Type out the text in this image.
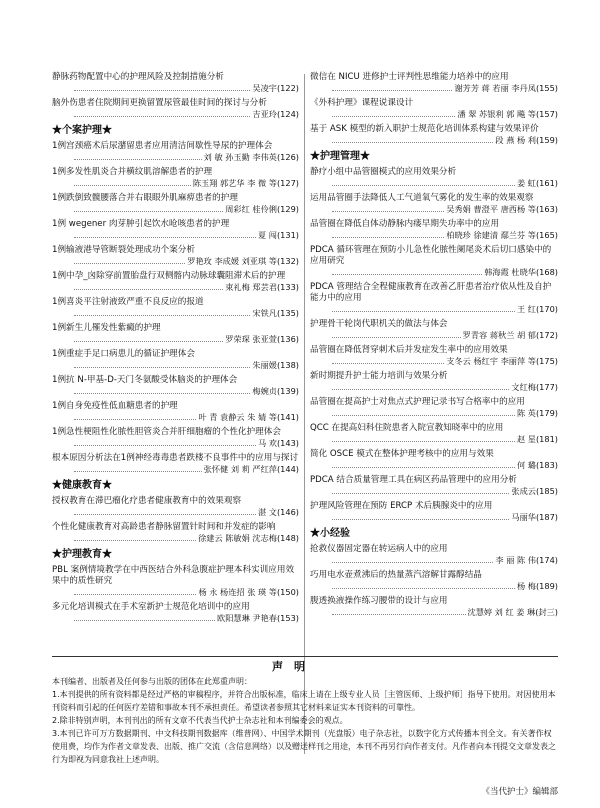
静脉药物配置中心的护理风险及控制措施分析
吴凌宇 (122)
脑外伤患者住院期间更换留置尿管最佳时间的探讨与分析
吉亚玲 (124)
★个案护理★
1例宫颈癌术后尿潴留患者应用清洁间歇性导尿的护理体会
刘 敏 孙玉勤 李伟英 (126)
1例多发性肌炎合并横纹肌溶解患者的护理
陈玉翔 郭艺华 李 微 等 (127)
1例跌倒致髋腰落合并右眼眼外肌麻痹患者的护理
周彩红 桂伶俐 (129)
1例 wegener 肉芽肿引起饮水呛咳患者的护理
夏 闯 (131)
1例输液港导管断裂处理成功个案分析
罗艳玫 李成媛 刘亚琪 等 (132)
1例中孕_囟除穿前置胎盘行双侧髂内动脉球囊阻滞术后的护理
束礼梅 郑芸君 (133)
1例喜炎平注射液致严重不良反应的报道
宋铁凡 (135)
1例新生儿罹发性紫癜的护理
罗荣琛 张亚萱 (136)
1例重症手足口病患儿的循证护理体会
朱丽媛 (138)
1例抗 N-甲基-D-天门冬氨酸受体脑炎的护理体会
梅婉贞 (139)
1例自身免疫性低血糖患者的护理
叶 青 袁静云 朱 婧 等 (141)
1例急性梗阻性化脓性胆管炎合并肝细胞瘤的个性化护理体会
马 欢 (143)
根本原因分析法在1例神经毒毒患者跌楼不良事件中的应用与探讨
张怀健 刘 莉 严红萍 (144)
★健康教育★
授权教育在滞巴瘤化疗患者健康教育中的效果观察
湛 文 (146)
个性化健康教育对高龄患者静脉留置针时间和并发症的影响
徐建云 陈敏娟 沈志梅 (148)
★护理教育★
PBL 案例情境教学在中西医结合外科急腹症护理本科实训应用效果中的质性研究
杨 永 杨连招 张 瑛 等 (150)
多元化培训模式在手术室新护士规范化培训中的应用
欧阳慧琳 尹艳春 (153)
微信在 NICU 进修护士评判性思维能力培养中的应用
谢芳芳 蒋 若丽 李丹凤 (155)
《外科护理》课程说课设计
潘 翠 苏银利 郭 飚 等 (157)
基于 ASK 模型的新入职护士规范化培训体系构建与效果评价
段 燕 杨 利 (159)
★护理管理★
静疗小组中品管圈模式的应用效果分析
姜 虹 (161)
运用品管圈手法降低人工气道氧气雾化的发生率的效果观察
吴秀娟 曹澄平 唐西杨 等 (163)
品管圈在降低自体动静脉内瘘早期失功率中的应用
柏晓珍 徐建清 鄢兰芬 等 (165)
PDCA 循环管理在预防小儿急性化脓性阑尾炎术后切口感染中的应用研究
韩海霞 杜晓华 (168)
PDCA 管理结合全程健康教育在改善乙肝患者治疗依从性及自护能力中的应用
王 红 (170)
护理骨干轮岗代职机关的做法与体会
罗青容 蒋秋兰 胡 郁 (172)
品管圈在降低肾穿刺术后并发症发生率中的应用效果
支冬云 杨红宇 李丽萍 等 (175)
新时期提升护士能力培训与效果分析
文红梅 (177)
品管圈在提高护士对焦点式护理记录书写合格率中的应用
陈 英 (179)
QCC 在提高妇科住院患者入院宣教知晓率中的应用
赵 星 (181)
简化 OSCE 模式在整体护理考核中的应用与效果
何 璐 (183)
PDCA 结合质量管理工具在病区药品管理中的应用分析
张成云 (185)
护理风险管理在预防 ERCP 术后胰腺炎中的应用
马丽华 (187)
★小经验
抢救仪器固定器在转运病人中的应用
李 丽 陈 伟 (174)
巧用电水壶煮沸后的热量蒸汽溶解甘露醇结晶
杨 梅 (189)
腹透换液操作练习腰带的设计与应用
沈慧婷 刘 红 姜 琳 (封三)
声　明

本刊编者、出版者及任何参与出版的团体在此郑重声明：

1.本刊提供的所有资料都是经过严格的审稿程序，并符合出版标准，临床上请在上级专业人员［主管医师、上级护师］指导下使用。对因使用本刊资料而引起的任何医疗差错和事故本刊不承担责任。希望读者参照其它材料来证实本刊资料的可靠性。

2.除非特别声明，本刊刊出的所有文章不代表当代护士杂志社和本刊编委会的观点。

3.本刊已许可万方数据期刊、中文科技期刊数据库（维普网）、中国学术期刊（光盘版）电子杂志社，以数字化方式传播本刊全文。有关著作权使用费，均作为作者文章发表、出版、推广交流（含信息网络）以及赠送样刊之用途，本刊不再另行向作者支付。凡作者向本刊提交文章发表之行为即视为同意我社上述声明。

《当代护士》编辑部
